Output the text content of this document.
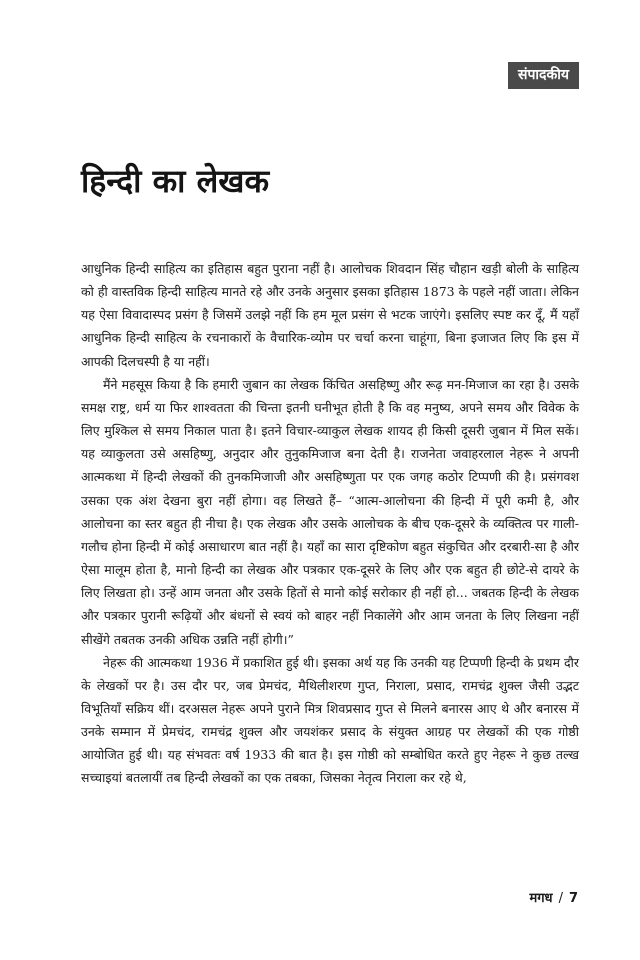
संपादकीय
हिन्दी का लेखक

आधुनिक हिन्दी साहित्य का इतिहास बहुत पुराना नहीं है। आलोचक शिवदान सिंह चौहान खड़ी बोली के साहित्य को ही वास्तविक हिन्दी साहित्य मानते रहे और उनके अनुसार इसका इतिहास 1873 के पहले नहीं जाता। लेकिन यह ऐसा विवादास्पद प्रसंग है जिसमें उलझे नहीं कि हम मूल प्रसंग से भटक जाएंगे। इसलिए स्पष्ट कर दूँ, मैं यहाँ आधुनिक हिन्दी साहित्य के रचनाकारों के वैचारिक-व्योम पर चर्चा करना चाहूंगा, बिना इजाजत लिए कि इस में आपकी दिलचस्पी है या नहीं।

मैंने महसूस किया है कि हमारी जुबान का लेखक किंचित असहिष्णु और रूढ़ मन-मिजाज का रहा है। उसके समक्ष राष्ट्र, धर्म या फिर शाश्वतता की चिन्ता इतनी घनीभूत होती है कि वह मनुष्य, अपने समय और विवेक के लिए मुश्किल से समय निकाल पाता है। इतने विचार-व्याकुल लेखक शायद ही किसी दूसरी जुबान में मिल सकें। यह व्याकुलता उसे असहिष्णु, अनुदार और तुनुकमिजाज बना देती है। राजनेता जवाहरलाल नेहरू ने अपनी आत्मकथा में हिन्दी लेखकों की तुनकमिजाजी और असहिष्णुता पर एक जगह कठोर टिप्पणी की है। प्रसंगवश उसका एक अंश देखना बुरा नहीं होगा। वह लिखते हैं– “आत्म-आलोचना की हिन्दी में पूरी कमी है, और आलोचना का स्तर बहुत ही नीचा है। एक लेखक और उसके आलोचक के बीच एक-दूसरे के व्यक्तित्व पर गाली-गलौच होना हिन्दी में कोई असाधारण बात नहीं है। यहाँ का सारा दृष्टिकोण बहुत संकुचित और दरबारी-सा है और ऐसा मालूम होता है, मानो हिन्दी का लेखक और पत्रकार एक-दूसरे के लिए और एक बहुत ही छोटे-से दायरे के लिए लिखता हो। उन्हें आम जनता और उसके हितों से मानो कोई सरोकार ही नहीं हो... जबतक हिन्दी के लेखक और पत्रकार पुरानी रूढ़ियों और बंधनों से स्वयं को बाहर नहीं निकालेंगे और आम जनता के लिए लिखना नहीं सीखेंगे तबतक उनकी अधिक उन्नति नहीं होगी।”

नेहरू की आत्मकथा 1936 में प्रकाशित हुई थी। इसका अर्थ यह कि उनकी यह टिप्पणी हिन्दी के प्रथम दौर के लेखकों पर है। उस दौर पर, जब प्रेमचंद, मैथिलीशरण गुप्त, निराला, प्रसाद, रामचंद्र शुक्ल जैसी उद्भट विभूतियाँ सक्रिय थीं। दरअसल नेहरू अपने पुराने मित्र शिवप्रसाद गुप्त से मिलने बनारस आए थे और बनारस में उनके सम्मान में प्रेमचंद, रामचंद्र शुक्ल और जयशंकर प्रसाद के संयुक्त आग्रह पर लेखकों की एक गोष्ठी आयोजित हुई थी। यह संभवतः वर्ष 1933 की बात है। इस गोष्ठी को सम्बोधित करते हुए नेहरू ने कुछ तल्ख सच्चाइयां बतलायीं तब हिन्दी लेखकों का एक तबका, जिसका नेतृत्व निराला कर रहे थे,

मगध / 7
